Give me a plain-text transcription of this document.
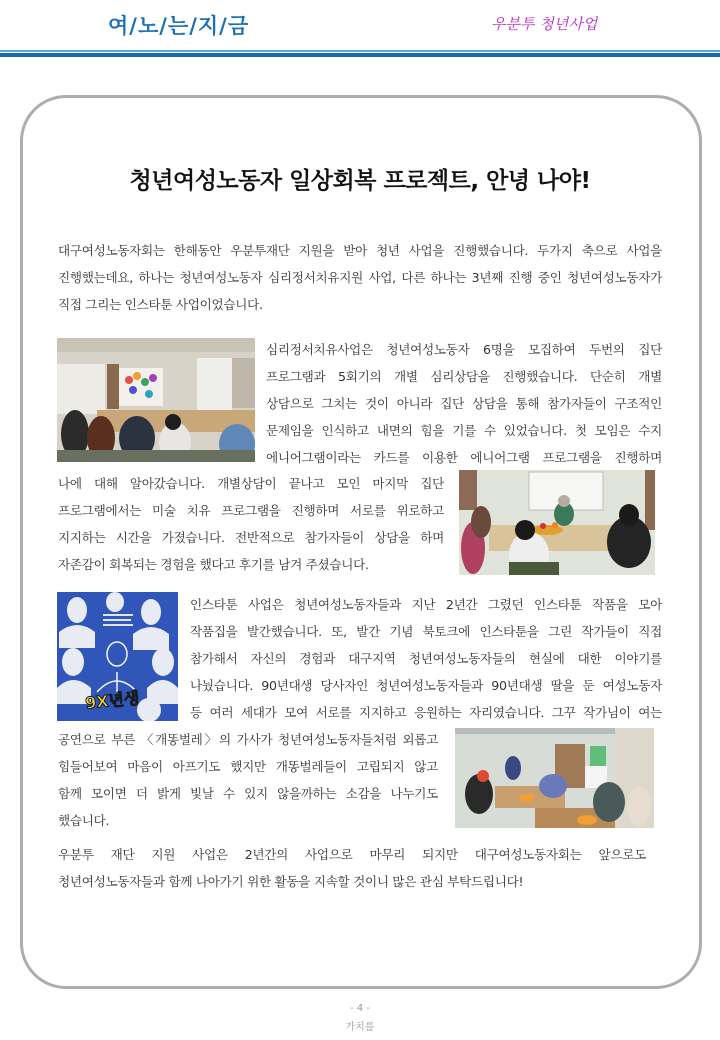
여/노/는/지/금	우분투 청년사업
청년여성노동자 일상회복 프로젝트, 안녕 나야!
대구여성노동자회는 한해동안 우분투재단 지원을 받아 청년 사업을 진행했습니다. 두가지 축으로 사업을
진행했는데요, 하나는 청년여성노동자 심리정서치유지원 사업, 다른 하나는 3년째 진행 중인 청년여성노동자가
직접 그리는 인스타툰 사업이었습니다.
심리정서치유사업은 청년여성노동자 6명을 모집하여 두번의 집단
프로그램과 5회기의 개별 심리상담을 진행했습니다. 단순히 개별
상담으로 그치는 것이 아니라 집단 상담을 통해 참가자들이 구조적인
문제임을 인식하고 내면의 힘을 기를 수 있었습니다. 첫 모임은 수지
에니어그램이라는 카드를 이용한 에니어그램 프로그램을 진행하며
나에 대해 알아갔습니다. 개별상담이 끝나고 모인 마지막 집단
프로그램에서는 미술 치유 프로그램을 진행하며 서로를 위로하고
지지하는 시간을 가졌습니다. 전반적으로 참가자들이 상담을 하며
자존감이 회복되는 경험을 했다고 후기를 남겨 주셨습니다.
9X년생
인스타툰 사업은 청년여성노동자들과 지난 2년간 그렸던 인스타툰 작품을 모아
작품집을 발간했습니다. 또, 발간 기념 북토크에 인스타툰을 그린 작가들이 직접
참가해서 자신의 경험과 대구지역 청년여성노동자들의 현실에 대한 이야기를
나눴습니다. 90년대생 당사자인 청년여성노동자들과 90년대생 딸을 둔 여성노동자
등 여러 세대가 모여 서로를 지지하고 응원하는 자리였습니다. 그꾸 작가님이 여는
공연으로 부른 〈개똥벌레〉의 가사가 청년여성노동자들처럼 외롭고
힘들어보여 마음이 아프기도 했지만 개똥벌레들이 고립되지 않고
함께 모이면 더 밝게 빛날 수 있지 않을까하는 소감을 나누기도
했습니다.
우분투 재단 지원 사업은 2년간의 사업으로 마무리 되지만 대구여성노동자회는 앞으로도
청년여성노동자들과 함께 나아가기 위한 활동을 지속할 것이니 많은 관심 부탁드립니다!
- 4 -
가치를
